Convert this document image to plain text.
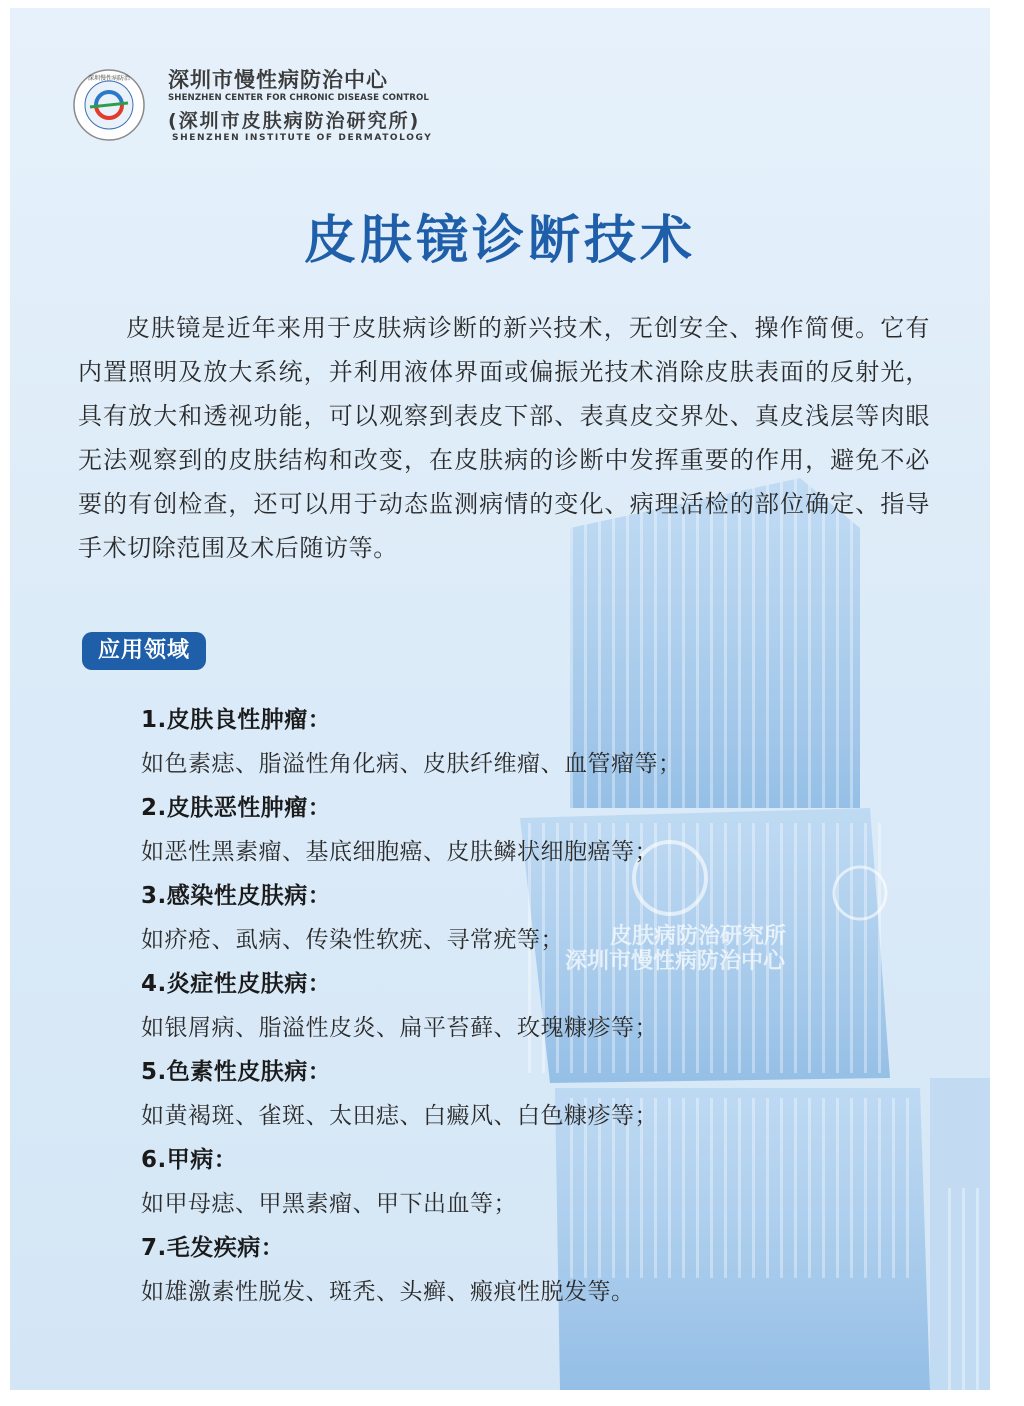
皮肤病防治研究所
深圳市慢性病防治中心
深圳慢性病防治 深圳市慢性病防治中心
SHENZHEN CENTER FOR CHRONIC DISEASE CONTROL
(深圳市皮肤病防治研究所)
SHENZHEN INSTITUTE OF DERMATOLOGY
皮肤镜诊断技术

皮肤镜是近年来用于皮肤病诊断的新兴技术，无创安全、操作简便。它有内置照明及放大系统，并利用液体界面或偏振光技术消除皮肤表面的反射光，具有放大和透视功能，可以观察到表皮下部、表真皮交界处、真皮浅层等肉眼无法观察到的皮肤结构和改变，在皮肤病的诊断中发挥重要的作用，避免不必要的有创检查，还可以用于动态监测病情的变化、病理活检的部位确定、指导手术切除范围及术后随访等。

应用领域
1.皮肤良性肿瘤：
如色素痣、脂溢性角化病、皮肤纤维瘤、血管瘤等；
2.皮肤恶性肿瘤：
如恶性黑素瘤、基底细胞癌、皮肤鳞状细胞癌等；
3.感染性皮肤病：
如疥疮、虱病、传染性软疣、寻常疣等；
4.炎症性皮肤病：
如银屑病、脂溢性皮炎、扁平苔藓、玫瑰糠疹等；
5.色素性皮肤病：
如黄褐斑、雀斑、太田痣、白癜风、白色糠疹等；
6.甲病：
如甲母痣、甲黑素瘤、甲下出血等；
7.毛发疾病：
如雄激素性脱发、斑秃、头癣、瘢痕性脱发等。
